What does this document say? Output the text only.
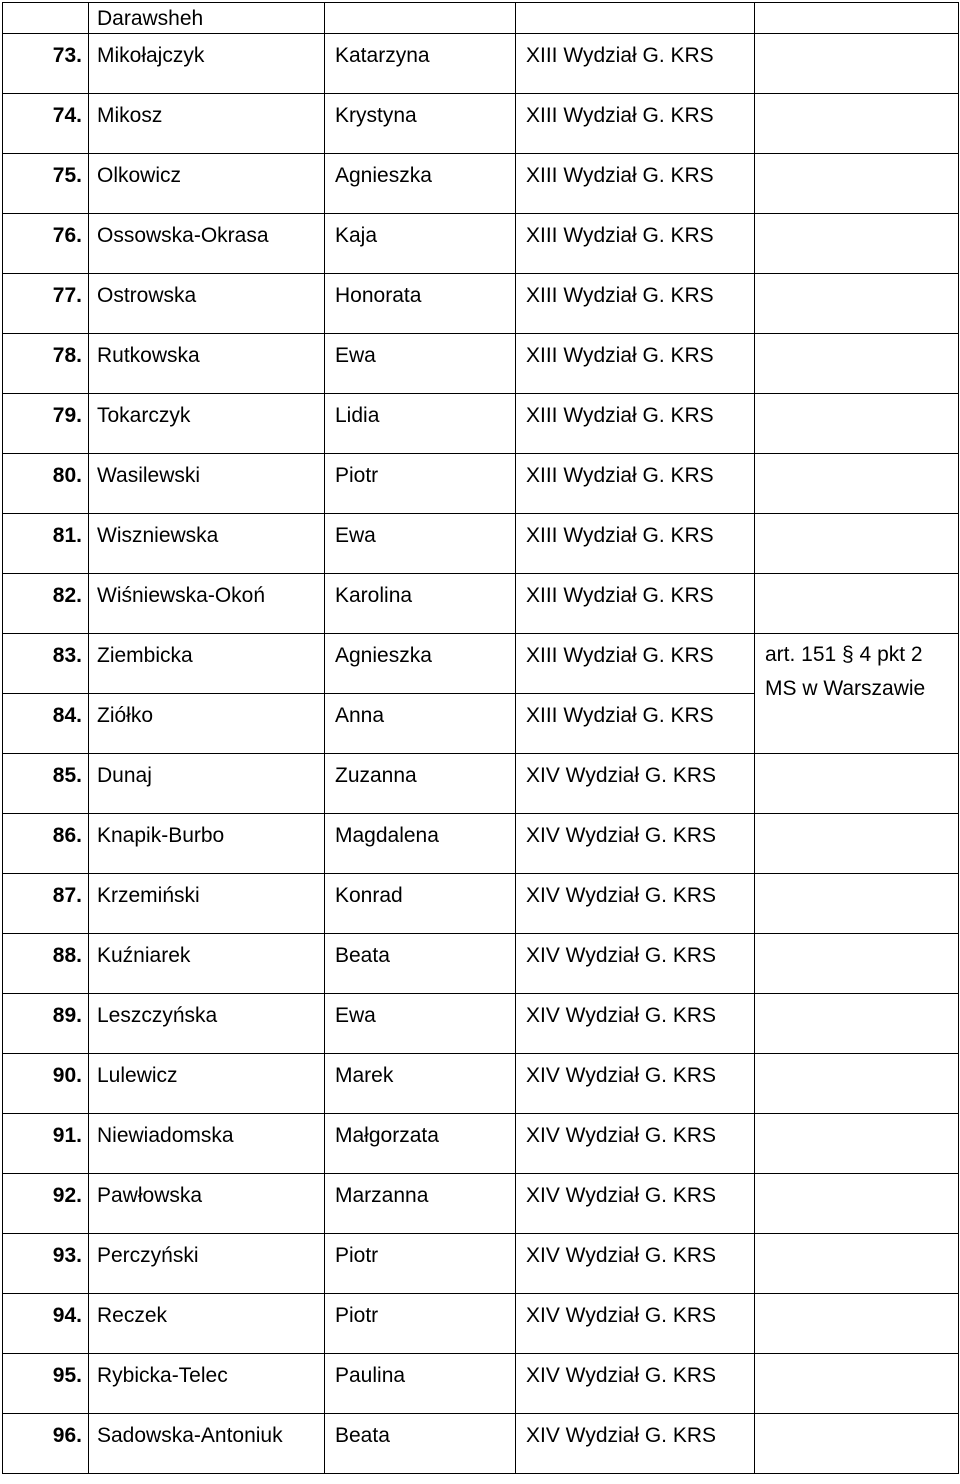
	Darawsheh			

73.	Mikołajczyk	Katarzyna	XIII Wydział G. KRS	

74.	Mikosz	Krystyna	XIII Wydział G. KRS	

75.	Olkowicz	Agnieszka	XIII Wydział G. KRS	

76.	Ossowska-Okrasa	Kaja	XIII Wydział G. KRS	

77.	Ostrowska	Honorata	XIII Wydział G. KRS	

78.	Rutkowska	Ewa	XIII Wydział G. KRS	

79.	Tokarczyk	Lidia	XIII Wydział G. KRS	

80.	Wasilewski	Piotr	XIII Wydział G. KRS	

81.	Wiszniewska	Ewa	XIII Wydział G. KRS	

82.	Wiśniewska-Okoń	Karolina	XIII Wydział G. KRS	

83.	Ziembicka	Agnieszka	XIII Wydział G. KRS	art. 151 § 4 pkt 2 MS w Warszawie

84.	Ziółko	Anna	XIII Wydział G. KRS	

85.	Dunaj	Zuzanna	XIV Wydział G. KRS	

86.	Knapik-Burbo	Magdalena	XIV Wydział G. KRS	

87.	Krzemiński	Konrad	XIV Wydział G. KRS	

88.	Kuźniarek	Beata	XIV Wydział G. KRS	

89.	Leszczyńska	Ewa	XIV Wydział G. KRS	

90.	Lulewicz	Marek	XIV Wydział G. KRS	

91.	Niewiadomska	Małgorzata	XIV Wydział G. KRS	

92.	Pawłowska	Marzanna	XIV Wydział G. KRS	

93.	Perczyński	Piotr	XIV Wydział G. KRS	

94.	Reczek	Piotr	XIV Wydział G. KRS	

95.	Rybicka-Telec	Paulina	XIV Wydział G. KRS	

96.	Sadowska-Antoniuk	Beata	XIV Wydział G. KRS	
